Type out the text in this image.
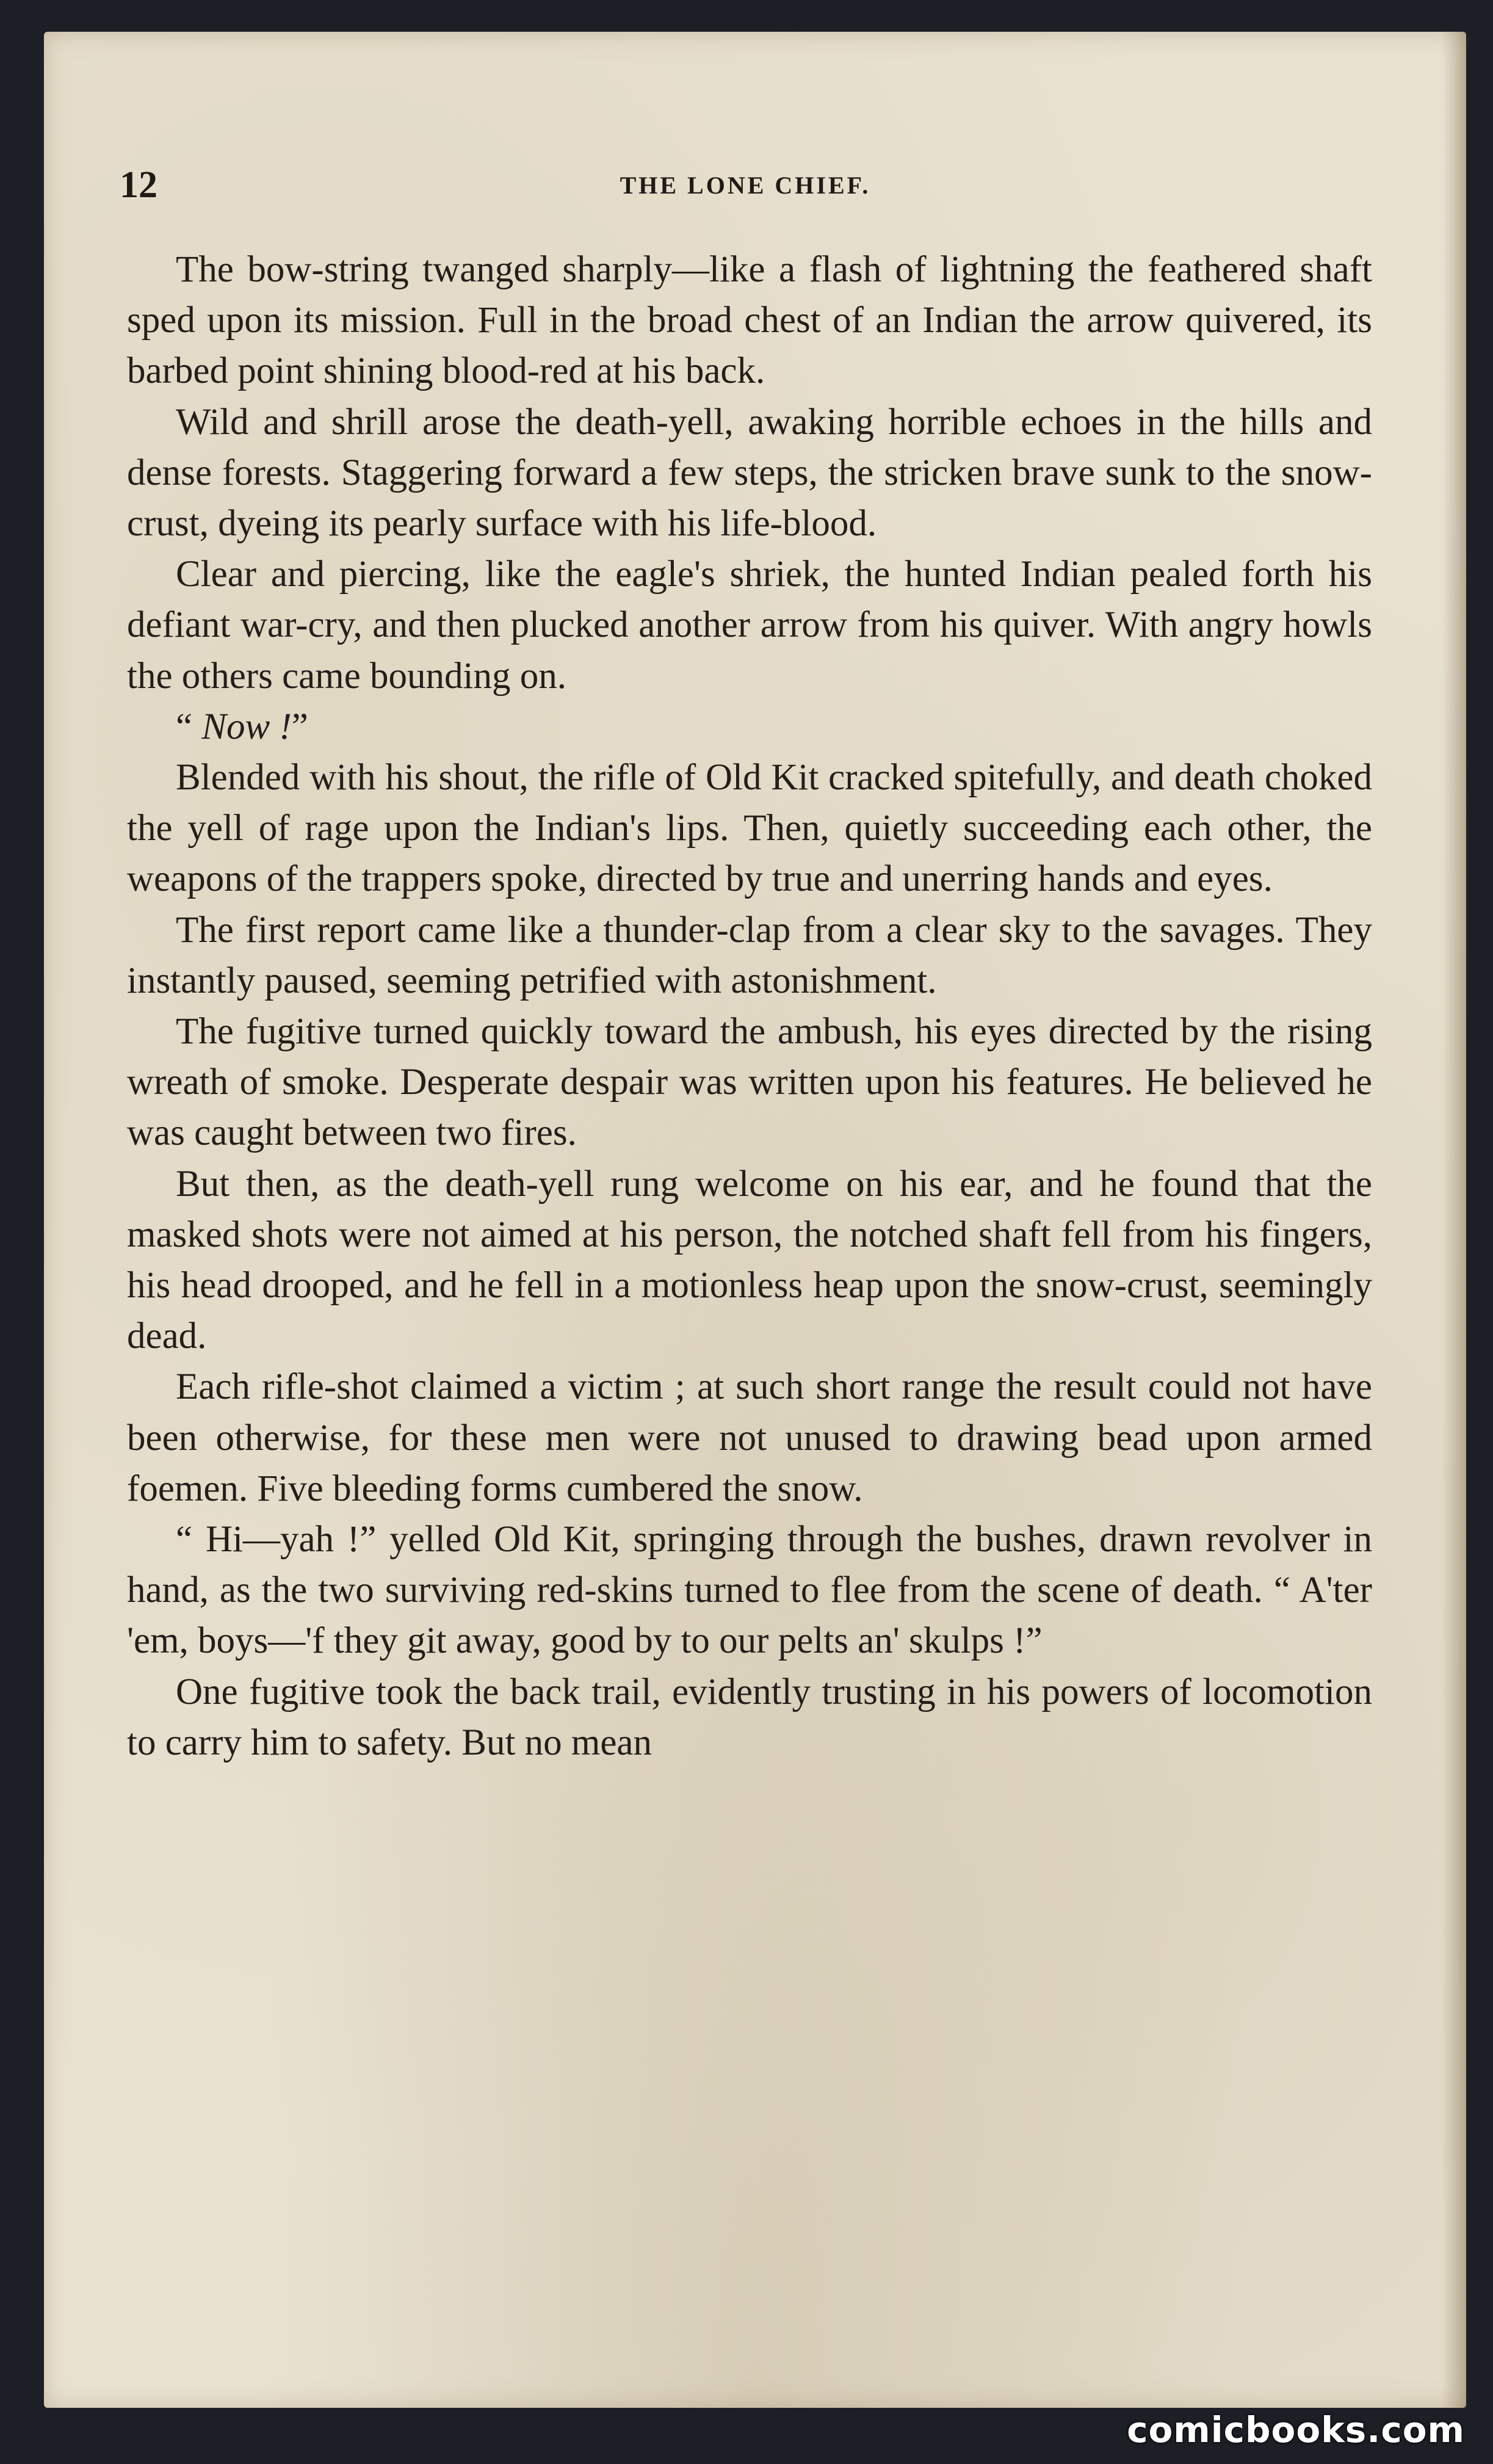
12	THE LONE CHIEF.

The bow-string twanged sharply—like a flash of lightning the feathered shaft sped upon its mission. Full in the broad chest of an Indian the arrow quivered, its barbed point shining blood-red at his back.

Wild and shrill arose the death-yell, awaking horrible echoes in the hills and dense forests. Staggering forward a few steps, the stricken brave sunk to the snow-crust, dyeing its pearly surface with his life-blood.

Clear and piercing, like the eagle's shriek, the hunted Indian pealed forth his defiant war-cry, and then plucked another arrow from his quiver. With angry howls the others came bounding on.

“ Now !”

Blended with his shout, the rifle of Old Kit cracked spitefully, and death choked the yell of rage upon the Indian's lips. Then, quietly succeeding each other, the weapons of the trappers spoke, directed by true and unerring hands and eyes.

The first report came like a thunder-clap from a clear sky to the savages. They instantly paused, seeming petrified with astonishment.

The fugitive turned quickly toward the ambush, his eyes directed by the rising wreath of smoke. Desperate despair was written upon his features. He believed he was caught between two fires.

But then, as the death-yell rung welcome on his ear, and he found that the masked shots were not aimed at his person, the notched shaft fell from his fingers, his head drooped, and he fell in a motionless heap upon the snow-crust, seemingly dead.

Each rifle-shot claimed a victim ; at such short range the result could not have been otherwise, for these men were not unused to drawing bead upon armed foemen. Five bleeding forms cumbered the snow.

“ Hi—yah !” yelled Old Kit, springing through the bushes, drawn revolver in hand, as the two surviving red-skins turned to flee from the scene of death. “ A'ter 'em, boys—'f they git away, good by to our pelts an' skulps !”

One fugitive took the back trail, evidently trusting in his powers of locomotion to carry him to safety. But no mean

comicbooks.com
